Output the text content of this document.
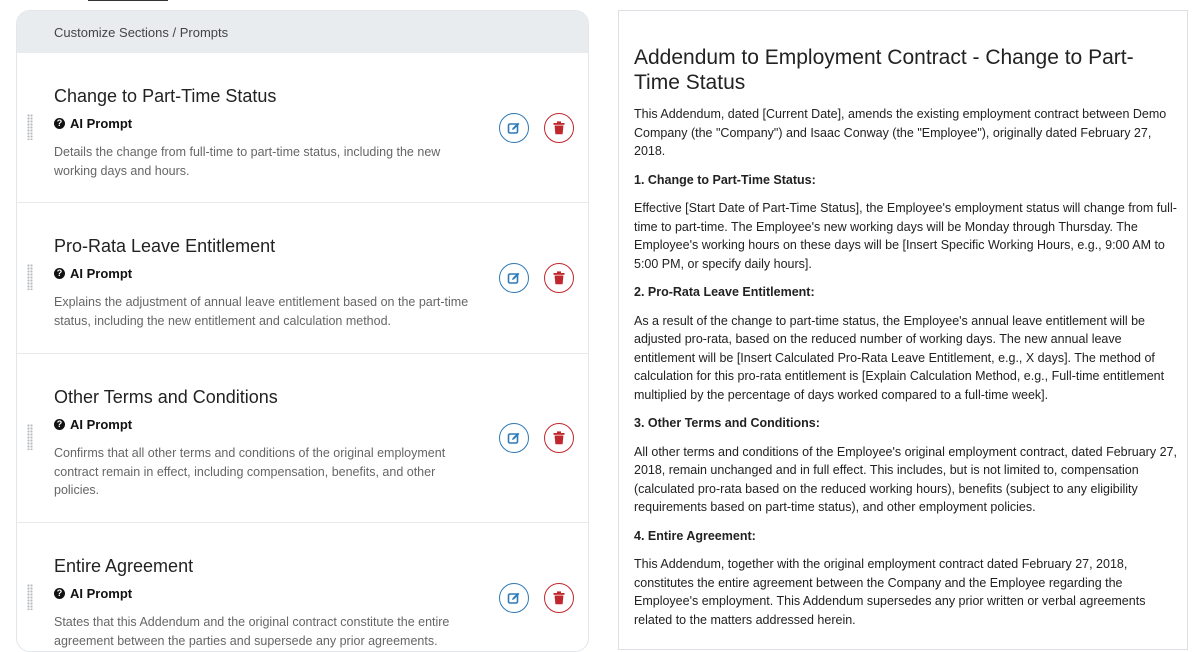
Customize Sections / Prompts
Change to Part-Time Status
? AI Prompt

Details the change from full-time to part-time status, including the new working days and hours.

Pro-Rata Leave Entitlement
? AI Prompt

Explains the adjustment of annual leave entitlement based on the part-time status, including the new entitlement and calculation method.

Other Terms and Conditions
? AI Prompt

Confirms that all other terms and conditions of the original employment contract remain in effect, including compensation, benefits, and other policies.

Entire Agreement
? AI Prompt

States that this Addendum and the original contract constitute the entire agreement between the parties and supersede any prior agreements.

Addendum to Employment Contract - Change to Part-Time Status

This Addendum, dated [Current Date], amends the existing employment contract between Demo Company (the "Company") and Isaac Conway (the "Employee"), originally dated February 27, 2018.

1. Change to Part-Time Status:

Effective [Start Date of Part-Time Status], the Employee's employment status will change from full-time to part-time. The Employee's new working days will be Monday through Thursday. The Employee's working hours on these days will be [Insert Specific Working Hours, e.g., 9:00 AM to 5:00 PM, or specify daily hours].

2. Pro-Rata Leave Entitlement:

As a result of the change to part-time status, the Employee's annual leave entitlement will be adjusted pro-rata, based on the reduced number of working days. The new annual leave entitlement will be [Insert Calculated Pro-Rata Leave Entitlement, e.g., X days]. The method of calculation for this pro-rata entitlement is [Explain Calculation Method, e.g., Full-time entitlement multiplied by the percentage of days worked compared to a full-time week].

3. Other Terms and Conditions:

All other terms and conditions of the Employee's original employment contract, dated February 27, 2018, remain unchanged and in full effect. This includes, but is not limited to, compensation (calculated pro-rata based on the reduced working hours), benefits (subject to any eligibility requirements based on part-time status), and other employment policies.

4. Entire Agreement:

This Addendum, together with the original employment contract dated February 27, 2018, constitutes the entire agreement between the Company and the Employee regarding the Employee's employment. This Addendum supersedes any prior written or verbal agreements related to the matters addressed herein.
